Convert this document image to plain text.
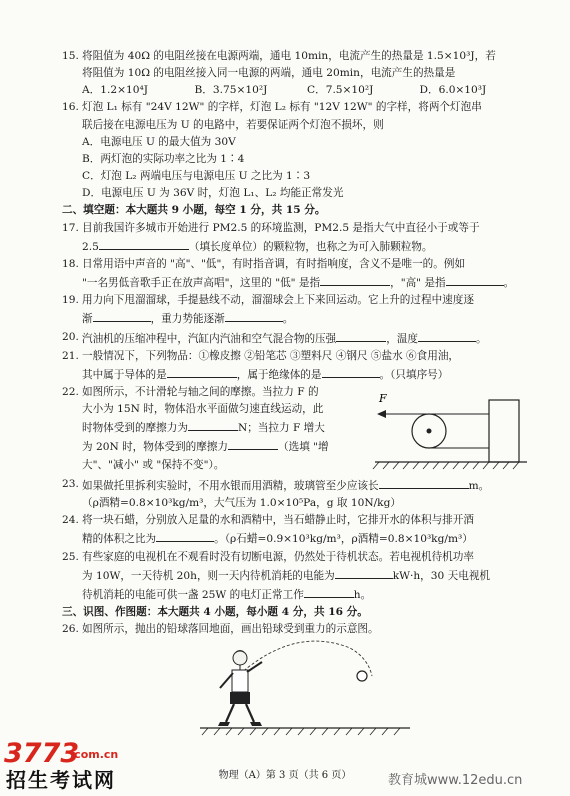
15. 将阻值为 40Ω 的电阻丝接在电源两端，通电 10min，电流产生的热量是 1.5×10³J，若
将阻值为 10Ω 的电阻丝接入同一电源的两端，通电 20min，电流产生的热量是
A．1.2×10⁴J	B．3.75×10²J	C．7.5×10²J	D．6.0×10³J
16. 灯泡 L₁ 标有 "24V 12W" 的字样，灯泡 L₂ 标有 "12V 12W" 的字样，将两个灯泡串
联后接在电源电压为 U 的电路中，若要保证两个灯泡不损坏，则
A．电源电压 U 的最大值为 30V
B．两灯泡的实际功率之比为 1∶4
C．灯泡 L₂ 两端电压与电源电压 U 之比为 1∶3
D．电源电压 U 为 36V 时，灯泡 L₁、L₂ 均能正常发光
二、填空题：本大题共 9 小题，每空 1 分，共 15 分。
17. 目前我国许多城市开始进行 PM2.5 的环境监测，PM2.5 是指大气中直径小于或等于
2.5	（填长度单位）的颗粒物，也称之为可入肺颗粒物。
18. 日常用语中声音的 "高"、"低"，有时指音调，有时指响度，含义不是唯一的。例如
"一名男低音歌手正在放声高唱"，这里的 "低" 是指	，"高" 是指	。
19. 用力向下甩溜溜球，手提悬线不动，溜溜球会上下来回运动。它上升的过程中速度逐
渐	，重力势能逐渐	。
20. 汽油机的压缩冲程中，汽缸内汽油和空气混合物的压强	，温度	。
21. 一般情况下，下列物品：①橡皮擦 ②铅笔芯 ③塑料尺 ④钢尺 ⑤盐水 ⑥食用油，
其中属于导体的是	，属于绝缘体的是	。（只填序号）
22. 如图所示，不计滑轮与轴之间的摩擦。当拉力 F 的
大小为 15N 时，物体沿水平面做匀速直线运动，此
时物体受到的摩擦力为	N；当拉力 F 增大
为 20N 时，物体受到的摩擦力	（选填 "增
大"、"减小" 或 "保持不变"）。
F
23. 如果做托里拆利实验时，不用水银而用酒精，玻璃管至少应该长	m。
（ρ酒精=0.8×10³kg/m³，大气压为 1.0×10⁵Pa，g 取 10N/kg）
24. 将一块石蜡，分别放入足量的水和酒精中，当石蜡静止时，它排开水的体积与排开酒
精的体积之比为	。（ρ石蜡=0.9×10³kg/m³，ρ酒精=0.8×10³kg/m³）
25. 有些家庭的电视机在不观看时没有切断电源，仍然处于待机状态。若电视机待机功率
为 10W，一天待机 20h，则一天内待机消耗的电能为	kW·h，30 天电视机
待机消耗的电能可供一盏 25W 的电灯正常工作	h。
三、识图、作图题：本大题共 4 小题，每小题 4 分，共 16 分。
26. 如图所示，抛出的铅球落回地面，画出铅球受到重力的示意图。
物理（A）第 3 页（共 6 页）
3773
.com.cn
招生考试网	教育城www.12edu.cn
